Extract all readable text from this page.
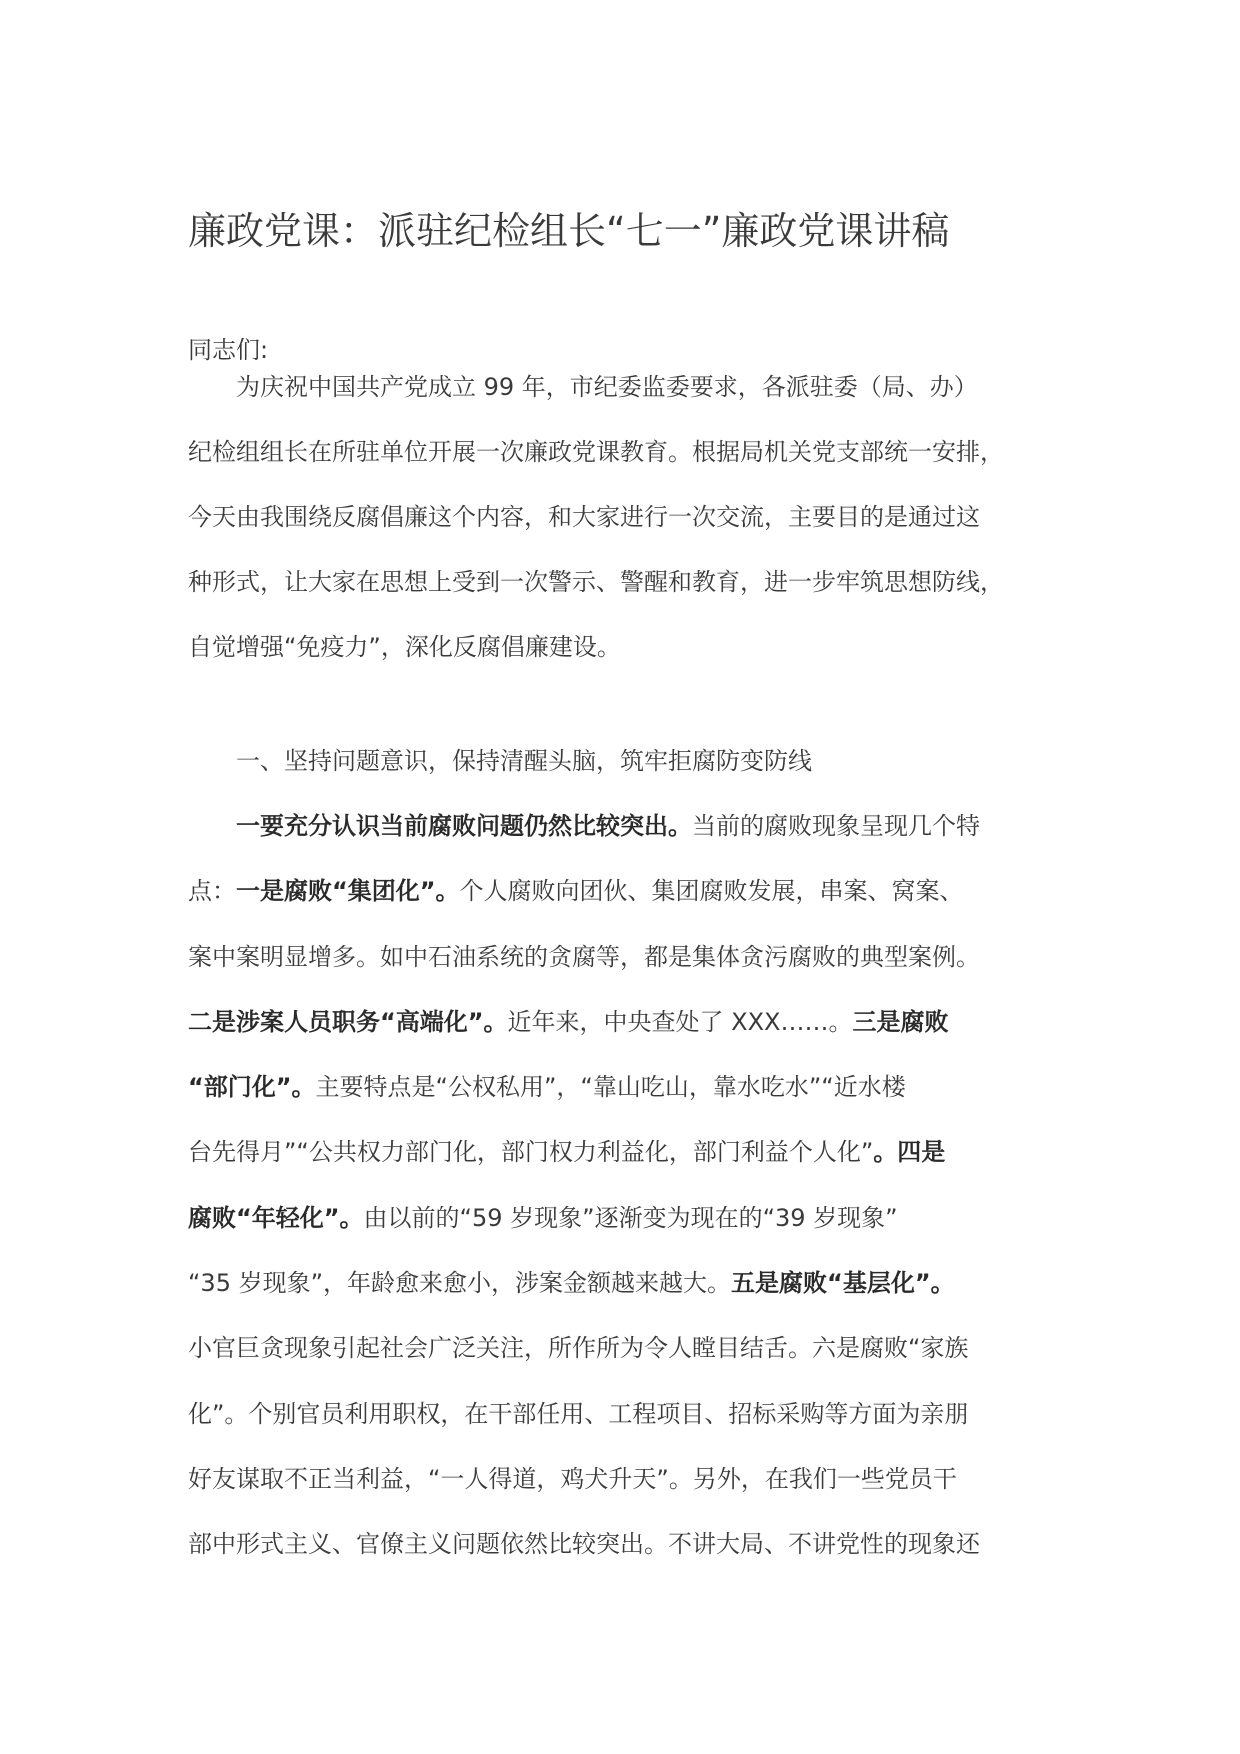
廉政党课：派驻纪检组长“七一”廉政党课讲稿
同志们:

为庆祝中国共产党成立 99 年，市纪委监委要求，各派驻委（局、办）

纪检组组长在所驻单位开展一次廉政党课教育。根据局机关党支部统一安排，

今天由我围绕反腐倡廉这个内容，和大家进行一次交流，主要目的是通过这

种形式，让大家在思想上受到一次警示、警醒和教育，进一步牢筑思想防线，

自觉增强“免疫力”，深化反腐倡廉建设。

一、坚持问题意识，保持清醒头脑，筑牢拒腐防变防线

一要充分认识当前腐败问题仍然比较突出。当前的腐败现象呈现几个特

点：一是腐败“集团化”。个人腐败向团伙、集团腐败发展，串案、窝案、

案中案明显增多。如中石油系统的贪腐等，都是集体贪污腐败的典型案例。

二是涉案人员职务“高端化”。近年来，中央查处了 XXX……。三是腐败

“部门化”。主要特点是“公权私用”，“靠山吃山，靠水吃水”“近水楼

台先得月”“公共权力部门化，部门权力利益化，部门利益个人化”。四是

腐败“年轻化”。由以前的“59 岁现象”逐渐变为现在的“39 岁现象”

“35 岁现象”，年龄愈来愈小，涉案金额越来越大。五是腐败“基层化”。

小官巨贪现象引起社会广泛关注，所作所为令人瞠目结舌。六是腐败“家族

化”。个别官员利用职权，在干部任用、工程项目、招标采购等方面为亲朋

好友谋取不正当利益，“一人得道，鸡犬升天”。另外，在我们一些党员干

部中形式主义、官僚主义问题依然比较突出。不讲大局、不讲党性的现象还
